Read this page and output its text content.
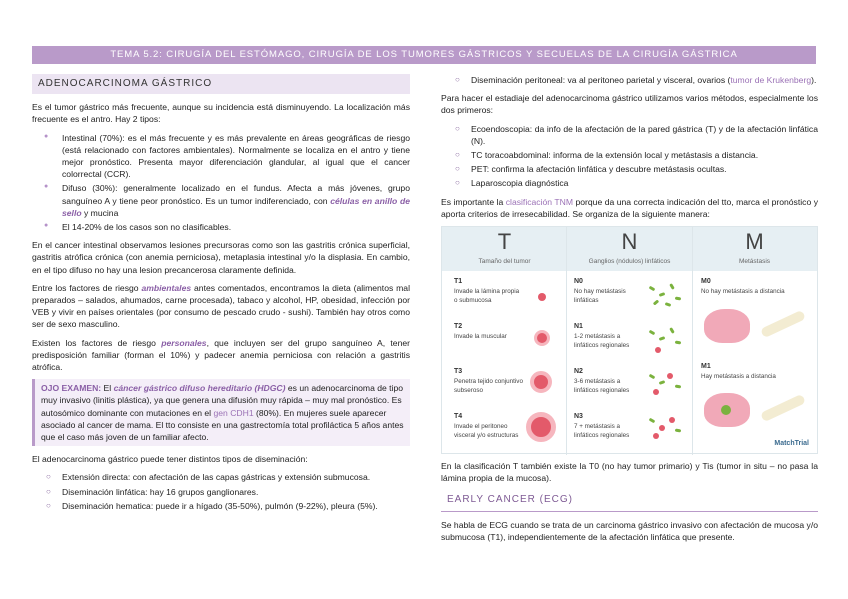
TEMA 5.2: CIRUGÍA DEL ESTÓMAGO, CIRUGÍA DE LOS TUMORES GÁSTRICOS Y SECUELAS DE LA CIRUGÍA GÁSTRICA
ADENOCARCINOMA GÁSTRICO

Es el tumor gástrico más frecuente, aunque su incidencia está disminuyendo. La localización más frecuente es el antro. Hay 2 tipos:

● Intestinal (70%): es el más frecuente y es más prevalente en áreas geográficas de riesgo (está relacionado con factores ambientales). Normalmente se localiza en el antro y tiene mejor pronóstico. Presenta mayor diferenciación glandular, al igual que el cancer colorrectal (CCR).
● Difuso (30%): generalmente localizado en el fundus. Afecta a más jóvenes, grupo sanguíneo A y tiene peor pronóstico. Es un tumor indiferenciado, con células en anillo de sello y mucina
● El 14-20% de los casos son no clasificables.

En el cancer intestinal observamos lesiones precursoras como son las gastritis crónica superficial, gastritis atrófica crónica (con anemia perniciosa), metaplasia intestinal y/o la displasia. En cambio, en el tipo difuso no hay una lesion precancerosa claramente definida.

Entre los factores de riesgo ambientales antes comentados, encontramos la dieta (alimentos mal preparados – salados, ahumados, carne procesada), tabaco y alcohol, HP, obesidad, infección por VEB y vivir en países orientales (por consumo de pescado crudo - sushi). También hay otros como ser de sexo masculino.

Existen los factores de riesgo personales, que incluyen ser del grupo sanguíneo A, tener predisposición familiar (forman el 10%) y padecer anemia perniciosa con relación a gastritis atrófica.

OJO EXAMEN: El cáncer gástrico difuso hereditario (HDGC) es un adenocarcinoma de tipo muy invasivo (linitis plástica), ya que genera una difusión muy rápida – muy mal pronóstico. Es autosómico dominante con mutaciones en el gen CDH1 (80%). En mujeres suele aparecer asociado al cancer de mama. El tto consiste en una gastrectomía total profiláctica 5 años antes que el caso más joven de un familiar afecto.

El adenocarcinoma gástrico puede tener distintos tipos de diseminación:

○ Extensión directa: con afectación de las capas gástricas y extensión submucosa.
○ Diseminación linfática: hay 16 grupos ganglionares.
○ Diseminación hematica: puede ir a hígado (35-50%), pulmón (9-22%), pleura (5%).
○ Diseminación peritoneal: va al peritoneo parietal y visceral, ovarios (tumor de Krukenberg).

Para hacer el estadiaje del adenocarcinoma gástrico utilizamos varios métodos, especialmente los dos primeros:

○ Ecoendoscopia: da info de la afectación de la pared gástrica (T) y de la afectación linfática (N).
○ TC toracoabdominal: informa de la extensión local y metástasis a distancia.
○ PET: confirma la afectación linfática y descubre metástasis ocultas.
○ Laparoscopia diagnóstica

Es importante la clasificación TNM porque da una correcta indicación del tto, marca el pronóstico y aporta criterios de irresecabilidad. Se organiza de la siguiente manera:

T
Tamaño del tumor
N
Ganglios (nódulos) linfáticos
M
Metástasis
T1
Invade la lámina propia o submucosa
T2
Invade la muscular
T3
Penetra tejido conjuntivo subseroso
T4
Invade el peritoneo visceral y/o estructuras
N0
No hay metástasis linfáticas
N1
1-2 metástasis a linfáticos regionales
N2
3-6 metástasis a linfáticos regionales
N3
7 + metástasis a linfáticos regionales
M0
No hay metástasis a distancia
M1
Hay metástasis a distancia
MatchTrial

En la clasificación T también existe la T0 (no hay tumor primario) y Tis (tumor in situ – no pasa la lámina propia de la mucosa).

EARLY CANCER (ECG)

Se habla de ECG cuando se trata de un carcinoma gástrico invasivo con afectación de mucosa y/o submucosa (T1), independientemente de la afectación linfática que presente.
